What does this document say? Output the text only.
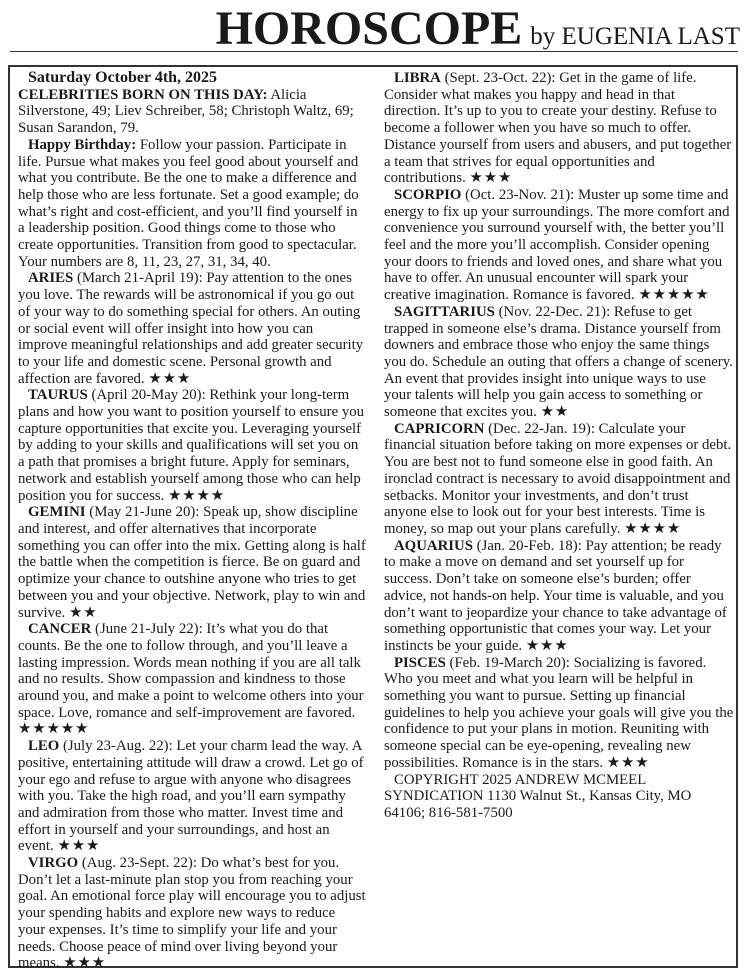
HOROSCOPE by EUGENIA LAST
Saturday October 4th, 2025

CELEBRITIES BORN ON THIS DAY: Alicia Silverstone, 49; Liev Schreiber, 58; Christoph Waltz, 69; Susan Sarandon, 79.

Happy Birthday: Follow your passion. Participate in life. Pursue what makes you feel good about yourself and what you contribute. Be the one to make a difference and help those who are less fortunate. Set a good example; do what’s right and cost-efficient, and you’ll find yourself in a leadership position. Good things come to those who create opportunities. Transition from good to spectacular. Your numbers are 8, 11, 23, 27, 31, 34, 40.

ARIES (March 21-April 19): Pay attention to the ones you love. The rewards will be astronomical if you go out of your way to do something special for others. An outing or social event will offer insight into how you can improve meaningful relationships and add greater security to your life and domestic scene. Personal growth and affection are favored. ★★★

TAURUS (April 20-May 20): Rethink your long-term plans and how you want to position yourself to ensure you capture opportunities that excite you. Leveraging yourself by adding to your skills and qualifications will set you on a path that promises a bright future. Apply for seminars, network and establish yourself among those who can help position you for success. ★★★★

GEMINI (May 21-June 20): Speak up, show discipline and interest, and offer alternatives that incorporate something you can offer into the mix. Getting along is half the battle when the competition is fierce. Be on guard and optimize your chance to outshine anyone who tries to get between you and your objective. Network, play to win and survive. ★★

CANCER (June 21-July 22): It’s what you do that counts. Be the one to follow through, and you’ll leave a lasting impression. Words mean nothing if you are all talk and no results. Show compassion and kindness to those around you, and make a point to welcome others into your space. Love, romance and self-improvement are favored. ★★★★★

LEO (July 23-Aug. 22): Let your charm lead the way. A positive, entertaining attitude will draw a crowd. Let go of your ego and refuse to argue with anyone who disagrees with you. Take the high road, and you’ll earn sympathy and admiration from those who matter. Invest time and effort in yourself and your surroundings, and host an event. ★★★

VIRGO (Aug. 23-Sept. 22): Do what’s best for you. Don’t let a last-minute plan stop you from reaching your goal. An emotional force play will encourage you to adjust your spending habits and explore new ways to reduce your expenses. It’s time to simplify your life and your needs. Choose peace of mind over living beyond your means. ★★★

LIBRA (Sept. 23-Oct. 22): Get in the game of life. Consider what makes you happy and head in that direction. It’s up to you to create your destiny. Refuse to become a follower when you have so much to offer. Distance yourself from users and abusers, and put together a team that strives for equal opportunities and contributions. ★★★

SCORPIO (Oct. 23-Nov. 21): Muster up some time and energy to fix up your surroundings. The more comfort and convenience you surround yourself with, the better you’ll feel and the more you’ll accomplish. Consider opening your doors to friends and loved ones, and share what you have to offer. An unusual encounter will spark your creative imagination. Romance is favored. ★★★★★

SAGITTARIUS (Nov. 22-Dec. 21): Refuse to get trapped in someone else’s drama. Distance yourself from downers and embrace those who enjoy the same things you do. Schedule an outing that offers a change of scenery. An event that provides insight into unique ways to use your talents will help you gain access to something or someone that excites you. ★★

CAPRICORN (Dec. 22-Jan. 19): Calculate your financial situation before taking on more expenses or debt. You are best not to fund someone else in good faith. An ironclad contract is necessary to avoid disappointment and setbacks. Monitor your investments, and don’t trust anyone else to look out for your best interests. Time is money, so map out your plans carefully. ★★★★

AQUARIUS (Jan. 20-Feb. 18): Pay attention; be ready to make a move on demand and set yourself up for success. Don’t take on someone else’s burden; offer advice, not hands-on help. Your time is valuable, and you don’t want to jeopardize your chance to take advantage of something opportunistic that comes your way. Let your instincts be your guide. ★★★

PISCES (Feb. 19-March 20): Socializing is favored. Who you meet and what you learn will be helpful in something you want to pursue. Setting up financial guidelines to help you achieve your goals will give you the confidence to put your plans in motion. Reuniting with someone special can be eye-opening, revealing new possibilities. Romance is in the stars. ★★★

COPYRIGHT 2025 ANDREW MCMEEL SYNDICATION 1130 Walnut St., Kansas City, MO 64106; 816-581-7500
